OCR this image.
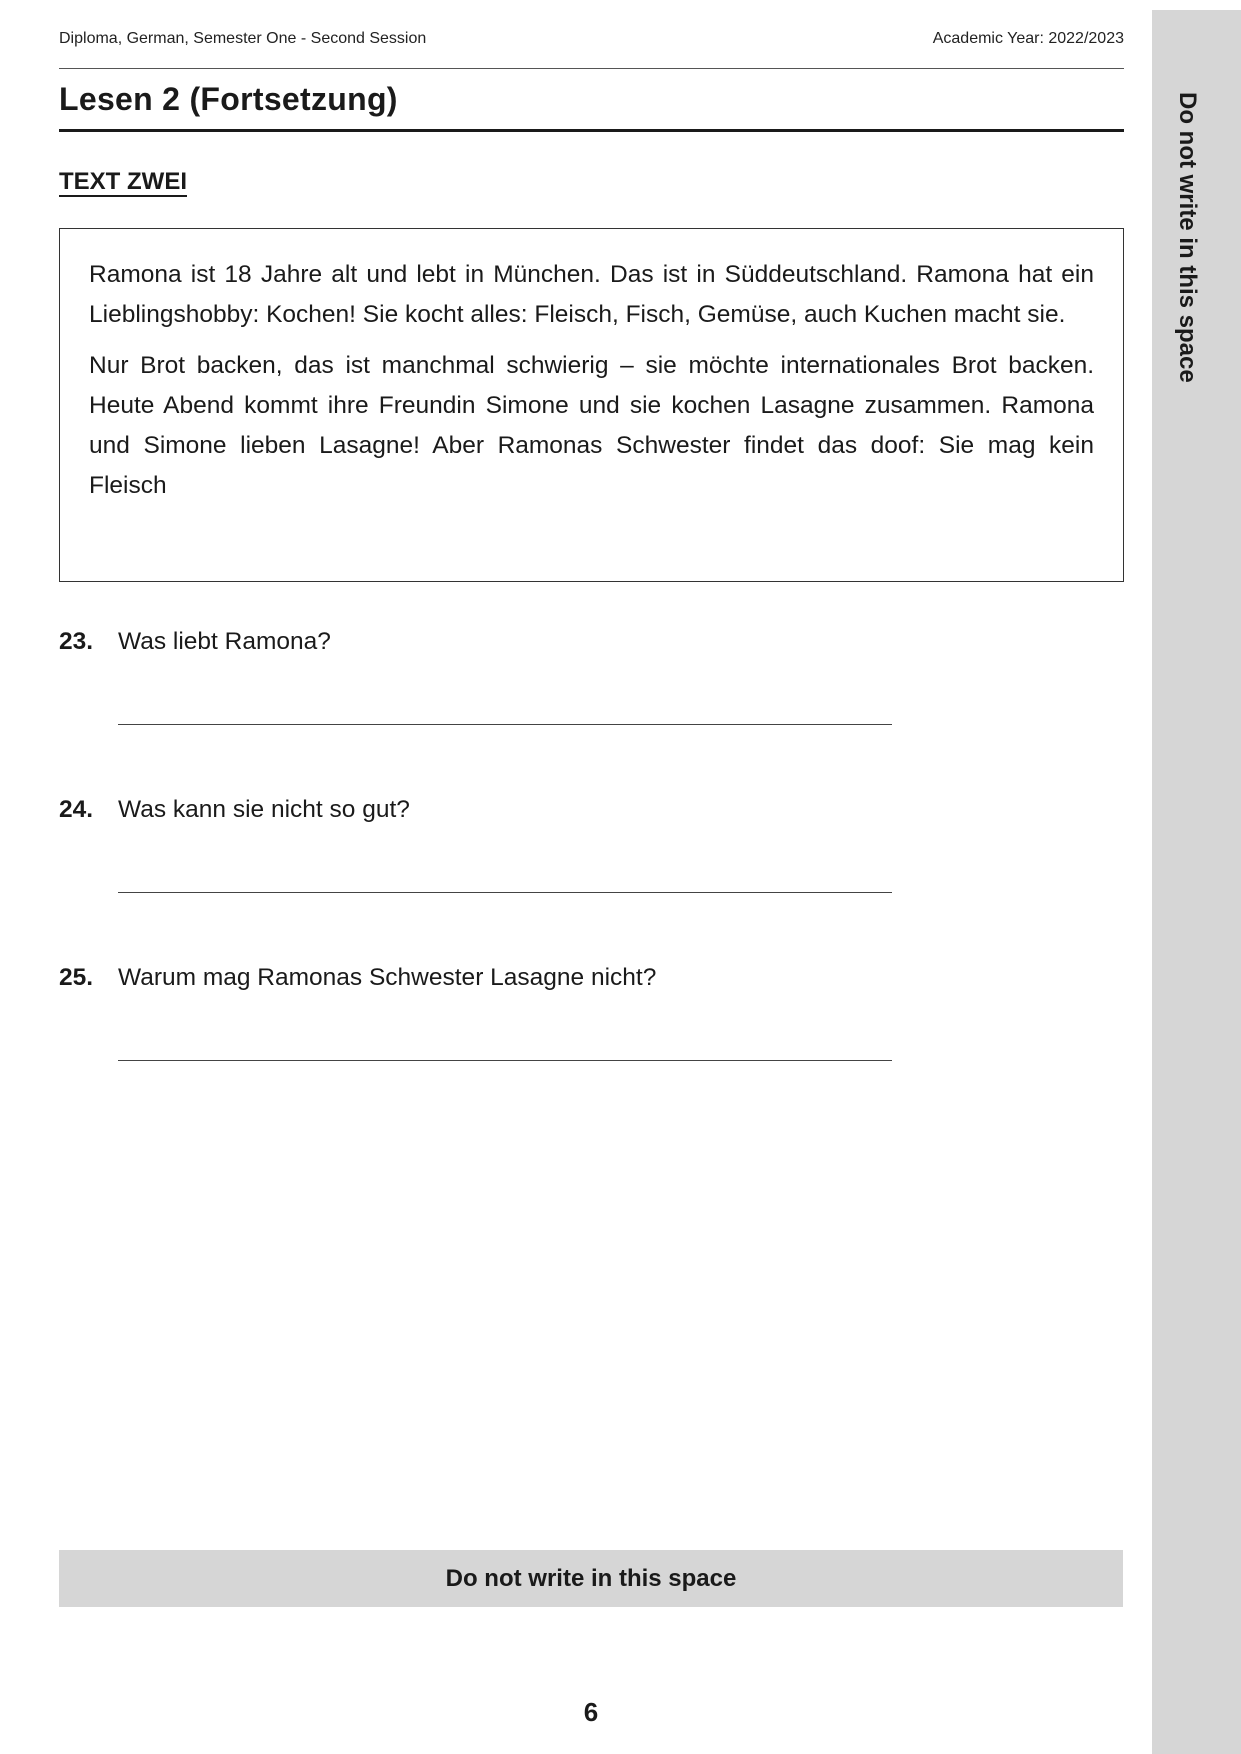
Diploma, German, Semester One - Second Session	Academic Year: 2022/2023
Lesen 2 (Fortsetzung)
TEXT ZWEI

Ramona ist 18 Jahre alt und lebt in München. Das ist in Süddeutschland. Ramona hat ein Lieblingshobby: Kochen! Sie kocht alles: Fleisch, Fisch, Gemüse, auch Kuchen macht sie.

Nur Brot backen, das ist manchmal schwierig – sie möchte internationales Brot backen. Heute Abend kommt ihre Freundin Simone und sie kochen Lasagne zusammen. Ramona und Simone lieben Lasagne! Aber Ramonas Schwester findet das doof: Sie mag kein Fleisch

23. Was liebt Ramona?
24. Was kann sie nicht so gut?
25. Warum mag Ramonas Schwester Lasagne nicht?
Do not write in this space
6
Do not write in this space
